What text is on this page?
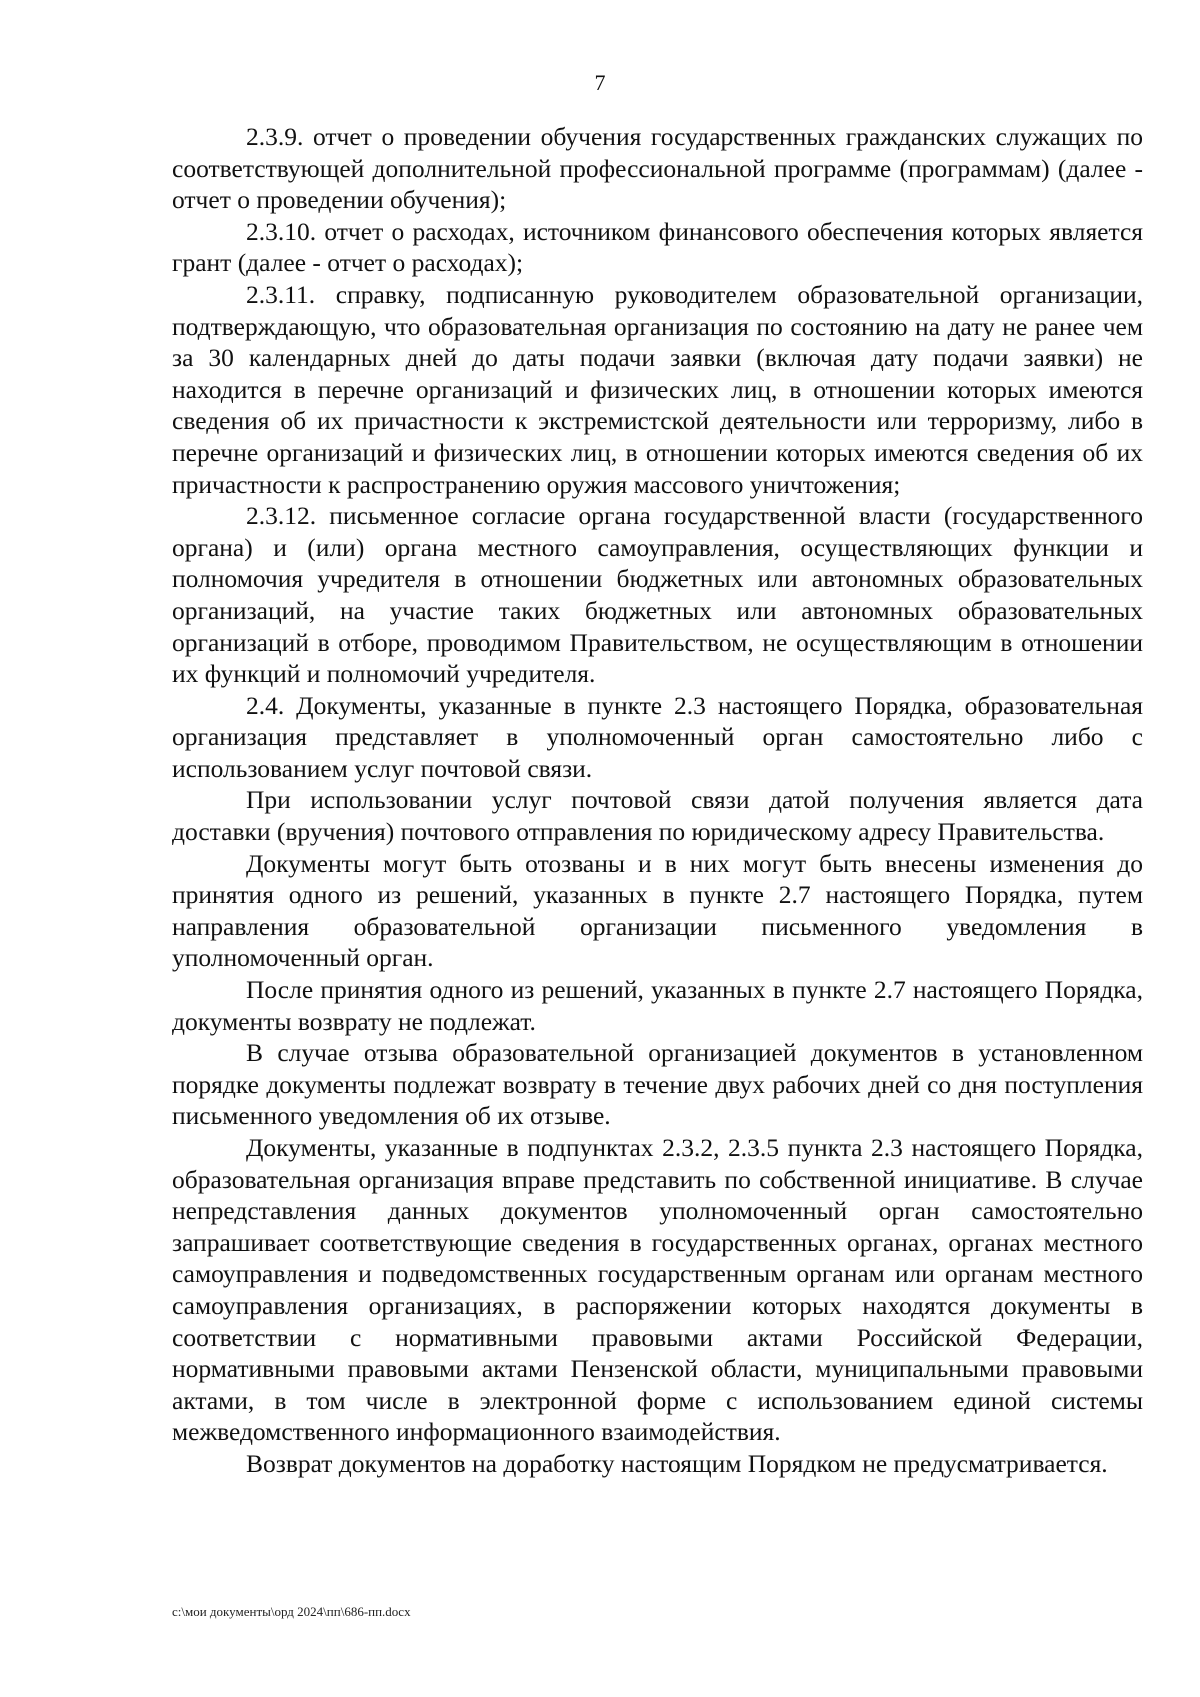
7

2.3.9. отчет о проведении обучения государственных гражданских служащих по соответствующей дополнительной профессиональной программе (программам) (далее - отчет о проведении обучения);

2.3.10. отчет о расходах, источником финансового обеспечения которых является грант (далее - отчет о расходах);

2.3.11. справку, подписанную руководителем образовательной организации, подтверждающую, что образовательная организация по состоянию на дату не ранее чем за 30 календарных дней до даты подачи заявки (включая дату подачи заявки) не находится в перечне организаций и физических лиц, в отношении которых имеются сведения об их причастности к экстремистской деятельности или терроризму, либо в перечне организаций и физических лиц, в отношении которых имеются сведения об их причастности к распространению оружия массового уничтожения;

2.3.12. письменное согласие органа государственной власти (государственного органа) и (или) органа местного самоуправления, осуществляющих функции и полномочия учредителя в отношении бюджетных или автономных образовательных организаций, на участие таких бюджетных или автономных образовательных организаций в отборе, проводимом Правительством, не осуществляющим в отношении их функций и полномочий учредителя.

2.4. Документы, указанные в пункте 2.3 настоящего Порядка, образовательная организация представляет в уполномоченный орган самостоятельно либо с использованием услуг почтовой связи.

При использовании услуг почтовой связи датой получения является дата доставки (вручения) почтового отправления по юридическому адресу Правительства.

Документы могут быть отозваны и в них могут быть внесены изменения до принятия одного из решений, указанных в пункте 2.7 настоящего Порядка, путем направления образовательной организации письменного уведомления в уполномоченный орган.

После принятия одного из решений, указанных в пункте 2.7 настоящего Порядка, документы возврату не подлежат.

В случае отзыва образовательной организацией документов в установленном порядке документы подлежат возврату в течение двух рабочих дней со дня поступления письменного уведомления об их отзыве.

Документы, указанные в подпунктах 2.3.2, 2.3.5 пункта 2.3 настоящего Порядка, образовательная организация вправе представить по собственной инициативе. В случае непредставления данных документов уполномоченный орган самостоятельно запрашивает соответствующие сведения в государственных органах, органах местного самоуправления и подведомственных государственным органам или органам местного самоуправления организациях, в распоряжении которых находятся документы в соответствии с нормативными правовыми актами Российской Федерации, нормативными правовыми актами Пензенской области, муниципальными правовыми актами, в том числе в электронной форме с использованием единой системы межведомственного информационного взаимодействия.

Возврат документов на доработку настоящим Порядком не предусматривается.

c:\мои документы\орд 2024\пп\686-пп.docx
